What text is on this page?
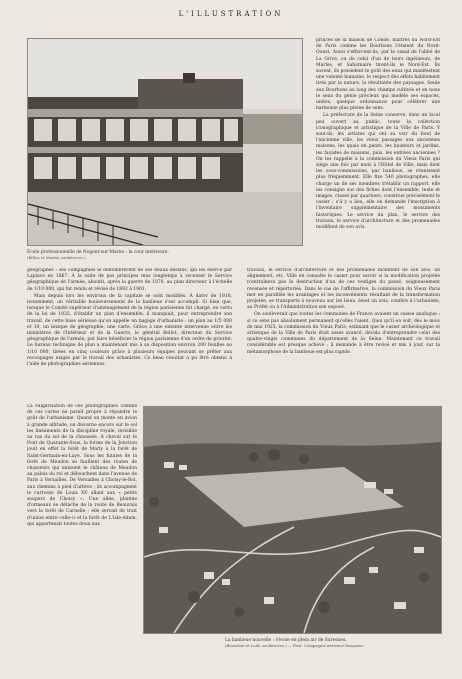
L'ILLUSTRATION
École professionnelle de Nogent-sur-Marne : la cour intérieure.
(Billon et Martin, architectes.)

princes de la maison de Condé, maîtres du Nord-Est de Paris comme les Bourbons l'étaient du Nord-Ouest. Aussi s'efforcent-ils, par le canal de l'abbé de La Grive, ou de celui d'un de leurs ingénieurs, de Marles, et Sabatnaire tirent-ils le Nord-Est. Ils savent, ils possèdent le goût des eaux qui manifestent une volonté humaine, le respect des effets habilement tirés par la nature, la résultante des paysages. Seule aux Bourbons au long des champs cultivés et en nous le sens du génie précieux qui modèle ses espaces, unités, quelque ordonnance pour célébrer une harmonie plus pleine de sens.

La préfecture de la Seine conserve, dans un local peu ouvert au public, toute la collection iconographique et artistique de la Ville de Paris. Y sont-ils, les artistes qui ont su voir du fond de l'ancienne ville, les vieux passages aux anciennes maisons, les quais en pente, les hauteurs et jardins, les façades de maisons, puis, les entrées anciennes ? On les rappelle à la commission du Vieux Paris qui siège une fois par mois à l'Hôtel de Ville, mais dont les sous-commissions, par banlieue, se réunissent plus fréquemment. Elle fixe 540 photographes, elle charge un de ses membres d'établir un rapport, elle les consigne sur des fiches dont l'ensemble, texte et images, classé par quartiers, constitue précisément le casier ; s'il y a lieu, elle en demande l'inscription à l'inventaire supplémentaire des monuments historiques. Le service du plan, le service des travaux, le service d'architecture et des promenades modifient de son avis.

géographes : ses compagnies le dénombrèrent de ses beaux dessins, qui les exerce par Laplace en 1867. À la suite de pas principes mus longtemps à recenser le Service géographique de l'armée, aboutit, après la guerre de 1870, au plan directeur à l'échelle de 1/10 000, qui fut rendu et révisé de 1892 à 1901.

Mais depuis lors les environs de la capitale se sont modifiés. À dater de 1918, notamment, un véritable bouleversement de la banlieue s'est accompli. Si bien que, lorsque le Comité supérieur d'aménagement de la région parisienne fut chargé, en vertu de la loi de 1932, d'établir un plan d'ensemble, il manquait, pour entreprendre son travail, de cette base sérieuse qu'on appelle un bagage d'urbaniste : un plan au 1/5 000 et 10, un lexique de géographie, une carte. Grâce à une entente intervenue entre les ministères de l'Intérieur et de la Guerre, le général Bellot, directeur du Service géographique de l'armée, put faire bénéficier la région parisienne d'un ordre de priorité. Le bureau technique de plan a maintenant mis à sa disposition environ 200 feuilles au 1/10 000, tirées en cinq couleurs grâce à plusieurs équipes pouvant se prêter aux recoupages exigés par le travail des urbanistes. Ce beau résultat a pu être obtenu à l'aide de photographies aériennes.

travaux, le service d'architecture et des promenades modifient de son avis, un alignement, etc. Ville en consulte le casier pour savoir si la modification projetée n'entraînera pas la destruction d'un de ces vestiges du passé, soigneusement recensés et répertoriés. Dans le cas de l'affirmative, la commission du Vieux Paris met en parallèle les avantages et les inconvénients résultant de la transformation projetée, se transporte à nouveau sur les lieux, émet un avis, confère à l'urbaniste, au Préfet ou à l'Administration son exposé.

On soulèverait que toutes les communes de France avaient un caisse analogue ; si ce sens pas absolument permanent qu'elles l'aient. Quoi qu'il en soit, dès le mois de mai 1925, la commission du Vieux Paris, estimant que le casier archéologique et artistique de la Ville de Paris était assez avancé, décida d'entreprendre celui des quatre-vingts communes du département de la Seine. Maintenant ce travail considérable est presque achevé ; il demande à être revisé et mis à jour, sur la métamorphose de la banlieue est plus rapide.

La vulgarisation de ces photographies comme de ces cartes ne paraît propre à répandre le goût de l'urbanisme. Quand on monte en avion à grande altitude, on discerne encore sur le sol les linéaments de la discipline royale, invisible au ras du sol de la chaussée. À cheval sur le Pont de Quarante-Sous, la forme de la Jonction jouit en effet la forêt de Marly à la forêt de Saint-Germain-en-Laye. Sous les futaies de la forêt de Meudon se faufilent des routes de chasseurs qui unissent le château de Meudon au palais du roi et débouchent dans l'avenue de Paris à Versailles. De Versailles à Choisy-le-Roi, aux chemins à pied d'arbres ; ils accompagnent le carrosse de Louis XV allant aux « petits soupers de Choisy ». Une allée, plantée d'ormeaux se détache de la route de Beauvais vers la forêt de Carnelle ; elle servait de trait d'union entre celle-ci et la forêt de L'Isle-Adam, qui appartenait toutes deux aux

La banlieue nouvelle : l'école en plein air de Suresnes.
(Beaudoin et Lods, architectes.) — Phot. Compagnie aérienne française.
